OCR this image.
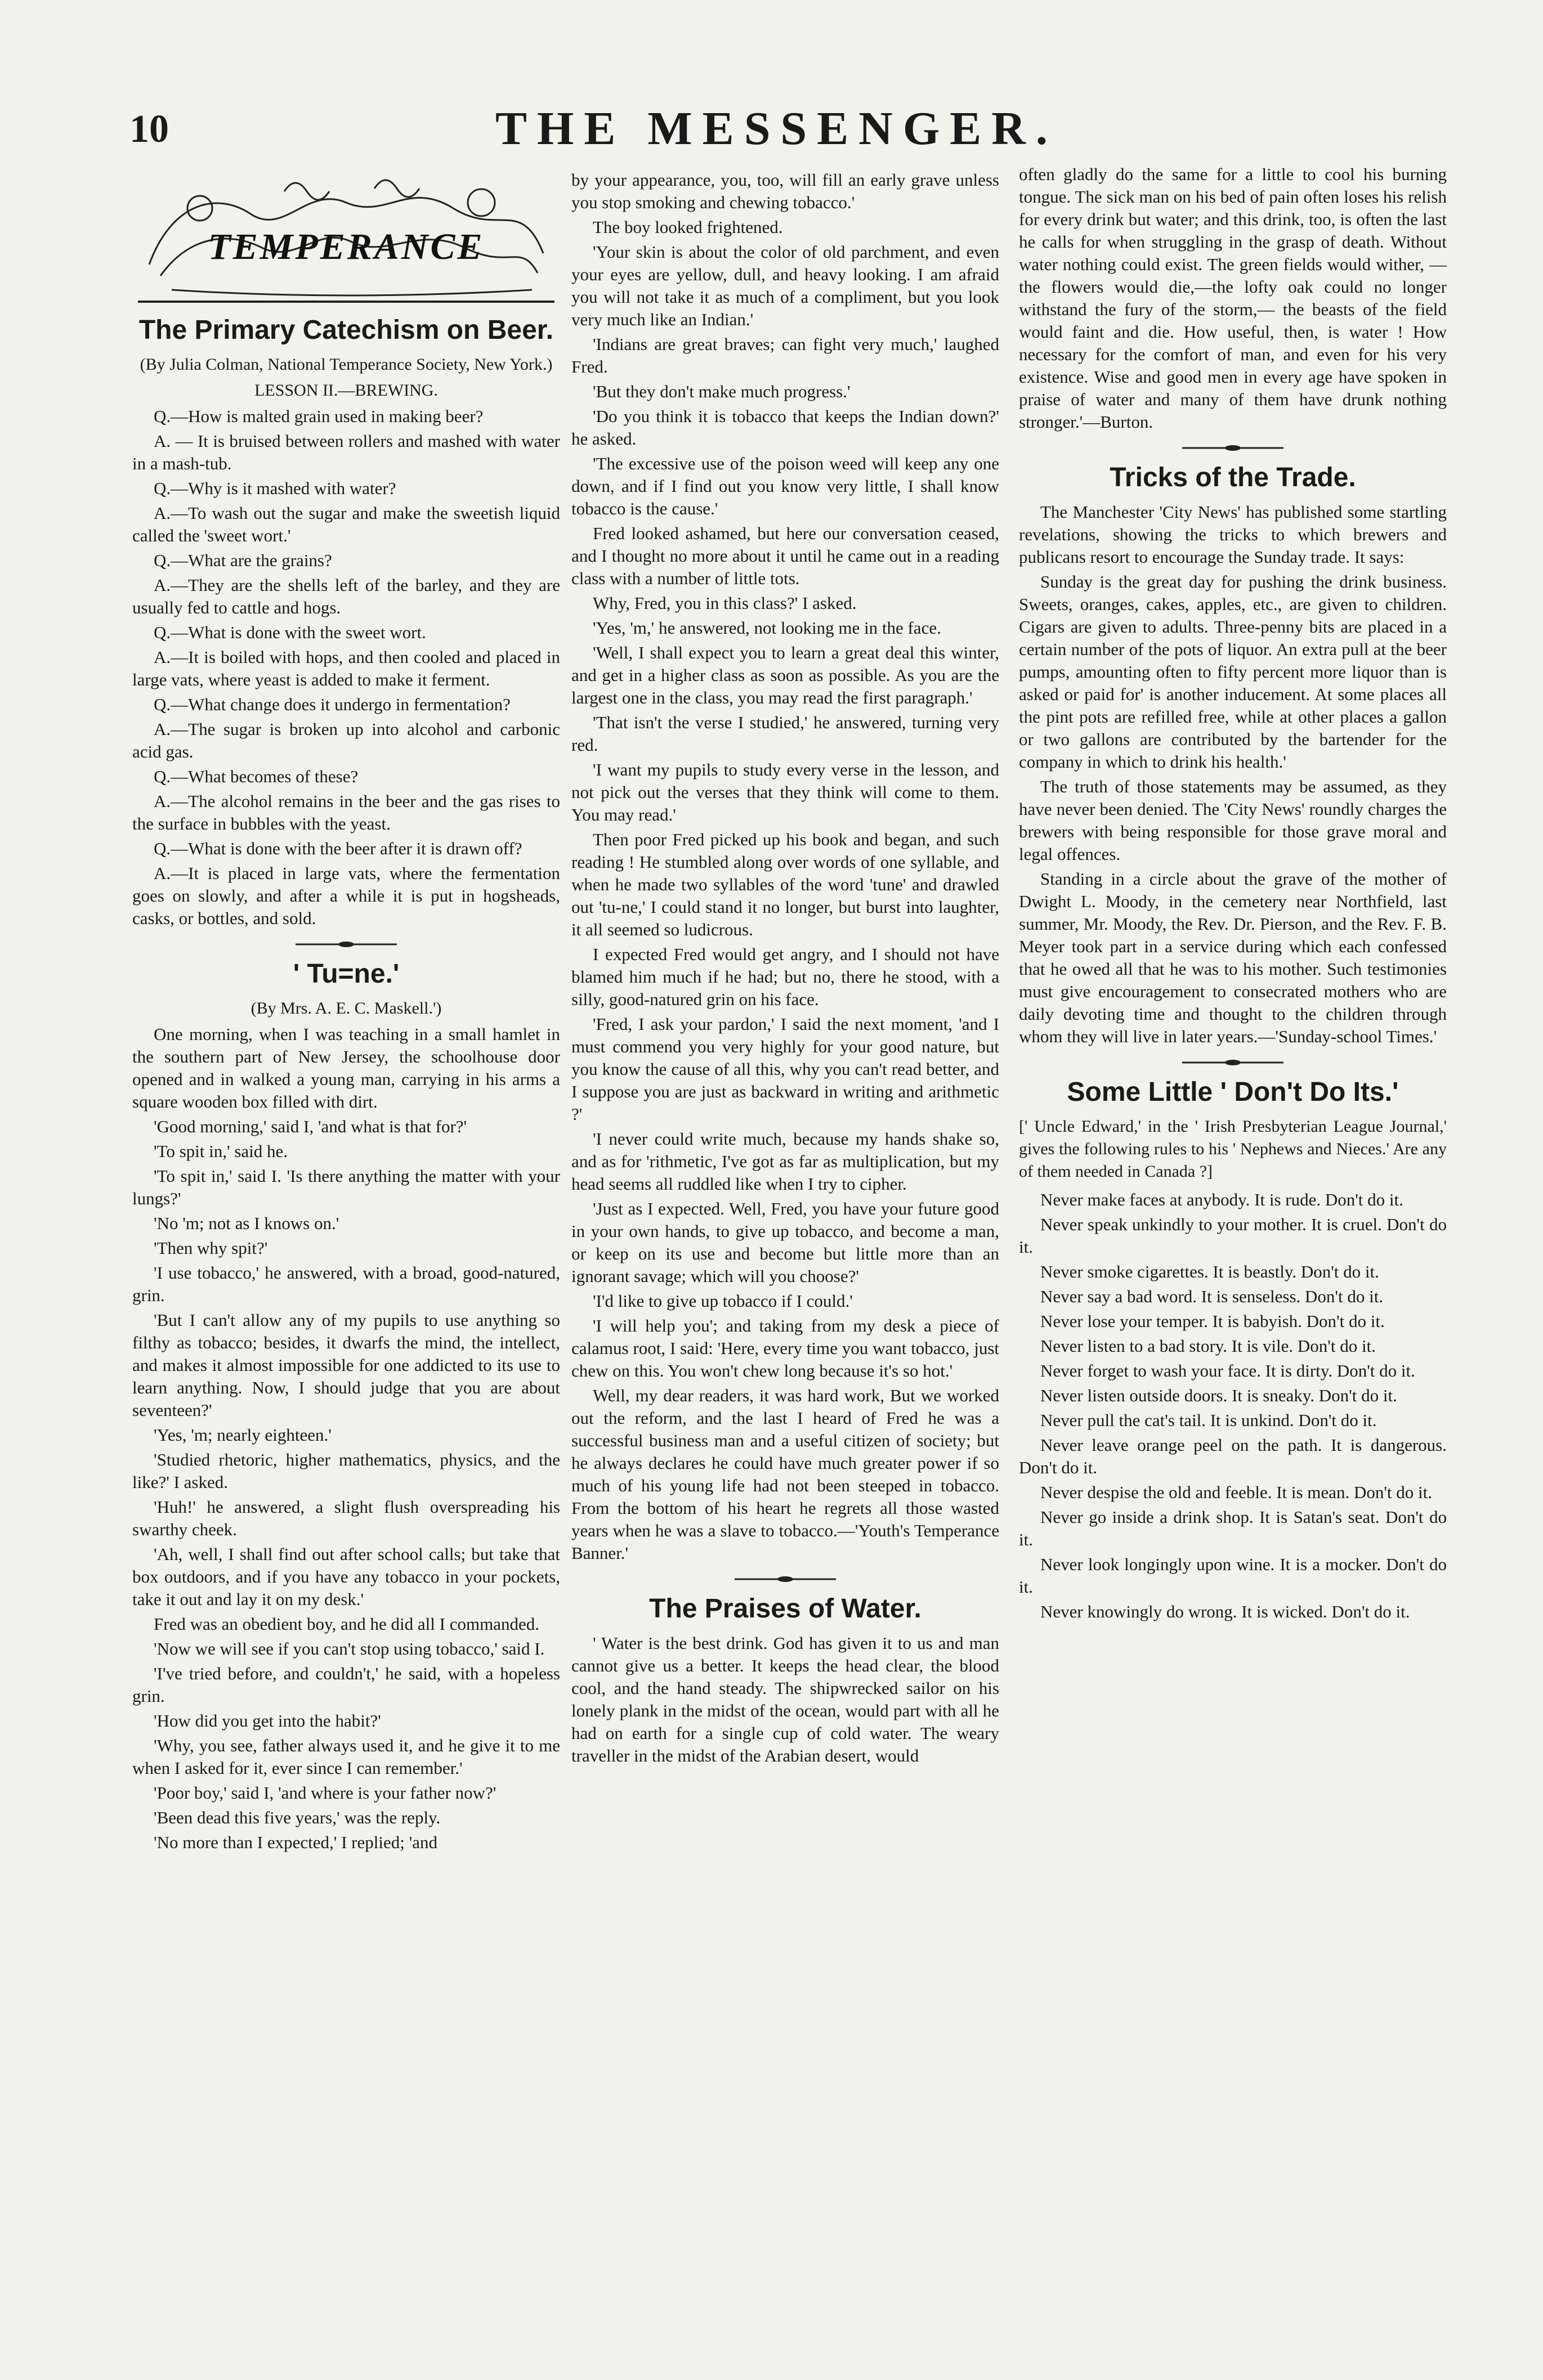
10	THE MESSENGER.
TEMPERANCE
The Primary Catechism on Beer.
(By Julia Colman, National Temperance Society, New York.)
LESSON II.—BREWING.

Q.—How is malted grain used in making beer?

A. — It is bruised between rollers and mashed with water in a mash-tub.

Q.—Why is it mashed with water?

A.—To wash out the sugar and make the sweetish liquid called the 'sweet wort.'

Q.—What are the grains?

A.—They are the shells left of the barley, and they are usually fed to cattle and hogs.

Q.—What is done with the sweet wort.

A.—It is boiled with hops, and then cooled and placed in large vats, where yeast is added to make it ferment.

Q.—What change does it undergo in fermentation?

A.—The sugar is broken up into alcohol and carbonic acid gas.

Q.—What becomes of these?

A.—The alcohol remains in the beer and the gas rises to the surface in bubbles with the yeast.

Q.—What is done with the beer after it is drawn off?

A.—It is placed in large vats, where the fermentation goes on slowly, and after a while it is put in hogsheads, casks, or bottles, and sold.

' Tu=ne.'
(By Mrs. A. E. C. Maskell.')

One morning, when I was teaching in a small hamlet in the southern part of New Jersey, the schoolhouse door opened and in walked a young man, carrying in his arms a square wooden box filled with dirt.

'Good morning,' said I, 'and what is that for?'

'To spit in,' said he.

'To spit in,' said I. 'Is there anything the matter with your lungs?'

'No 'm; not as I knows on.'

'Then why spit?'

'I use tobacco,' he answered, with a broad, good-natured, grin.

'But I can't allow any of my pupils to use anything so filthy as tobacco; besides, it dwarfs the mind, the intellect, and makes it almost impossible for one addicted to its use to learn anything. Now, I should judge that you are about seventeen?'

'Yes, 'm; nearly eighteen.'

'Studied rhetoric, higher mathematics, physics, and the like?' I asked.

'Huh!' he answered, a slight flush overspreading his swarthy cheek.

'Ah, well, I shall find out after school calls; but take that box outdoors, and if you have any tobacco in your pockets, take it out and lay it on my desk.'

Fred was an obedient boy, and he did all I commanded.

'Now we will see if you can't stop using tobacco,' said I.

'I've tried before, and couldn't,' he said, with a hopeless grin.

'How did you get into the habit?'

'Why, you see, father always used it, and he give it to me when I asked for it, ever since I can remember.'

'Poor boy,' said I, 'and where is your father now?'

'Been dead this five years,' was the reply.

'No more than I expected,' I replied; 'and

by your appearance, you, too, will fill an early grave unless you stop smoking and chewing tobacco.'

The boy looked frightened.

'Your skin is about the color of old parchment, and even your eyes are yellow, dull, and heavy looking. I am afraid you will not take it as much of a compliment, but you look very much like an Indian.'

'Indians are great braves; can fight very much,' laughed Fred.

'But they don't make much progress.'

'Do you think it is tobacco that keeps the Indian down?' he asked.

'The excessive use of the poison weed will keep any one down, and if I find out you know very little, I shall know tobacco is the cause.'

Fred looked ashamed, but here our conversation ceased, and I thought no more about it until he came out in a reading class with a number of little tots.

Why, Fred, you in this class?' I asked.

'Yes, 'm,' he answered, not looking me in the face.

'Well, I shall expect you to learn a great deal this winter, and get in a higher class as soon as possible. As you are the largest one in the class, you may read the first paragraph.'

'That isn't the verse I studied,' he answered, turning very red.

'I want my pupils to study every verse in the lesson, and not pick out the verses that they think will come to them. You may read.'

Then poor Fred picked up his book and began, and such reading ! He stumbled along over words of one syllable, and when he made two syllables of the word 'tune' and drawled out 'tu-ne,' I could stand it no longer, but burst into laughter, it all seemed so ludicrous.

I expected Fred would get angry, and I should not have blamed him much if he had; but no, there he stood, with a silly, good-natured grin on his face.

'Fred, I ask your pardon,' I said the next moment, 'and I must commend you very highly for your good nature, but you know the cause of all this, why you can't read better, and I suppose you are just as backward in writing and arithmetic ?'

'I never could write much, because my hands shake so, and as for 'rithmetic, I've got as far as multiplication, but my head seems all ruddled like when I try to cipher.

'Just as I expected. Well, Fred, you have your future good in your own hands, to give up tobacco, and become a man, or keep on its use and become but little more than an ignorant savage; which will you choose?'

'I'd like to give up tobacco if I could.'

'I will help you'; and taking from my desk a piece of calamus root, I said: 'Here, every time you want tobacco, just chew on this. You won't chew long because it's so hot.'

Well, my dear readers, it was hard work, But we worked out the reform, and the last I heard of Fred he was a successful business man and a useful citizen of society; but he always declares he could have much greater power if so much of his young life had not been steeped in tobacco. From the bottom of his heart he regrets all those wasted years when he was a slave to tobacco.—'Youth's Temperance Banner.'

The Praises of Water.

' Water is the best drink. God has given it to us and man cannot give us a better. It keeps the head clear, the blood cool, and the hand steady. The shipwrecked sailor on his lonely plank in the midst of the ocean, would part with all he had on earth for a single cup of cold water. The weary traveller in the midst of the Arabian desert, would

often gladly do the same for a little to cool his burning tongue. The sick man on his bed of pain often loses his relish for every drink but water; and this drink, too, is often the last he calls for when struggling in the grasp of death. Without water nothing could exist. The green fields would wither, —the flowers would die,—the lofty oak could no longer withstand the fury of the storm,— the beasts of the field would faint and die. How useful, then, is water ! How necessary for the comfort of man, and even for his very existence. Wise and good men in every age have spoken in praise of water and many of them have drunk nothing stronger.'—Burton.

Tricks of the Trade.

The Manchester 'City News' has published some startling revelations, showing the tricks to which brewers and publicans resort to encourage the Sunday trade. It says:

Sunday is the great day for pushing the drink business. Sweets, oranges, cakes, apples, etc., are given to children. Cigars are given to adults. Three-penny bits are placed in a certain number of the pots of liquor. An extra pull at the beer pumps, amounting often to fifty percent more liquor than is asked or paid for' is another inducement. At some places all the pint pots are refilled free, while at other places a gallon or two gallons are contributed by the bartender for the company in which to drink his health.'

The truth of those statements may be assumed, as they have never been denied. The 'City News' roundly charges the brewers with being responsible for those grave moral and legal offences.

Standing in a circle about the grave of the mother of Dwight L. Moody, in the cemetery near Northfield, last summer, Mr. Moody, the Rev. Dr. Pierson, and the Rev. F. B. Meyer took part in a service during which each confessed that he owed all that he was to his mother. Such testimonies must give encouragement to consecrated mothers who are daily devoting time and thought to the children through whom they will live in later years.—'Sunday-school Times.'

Some Little ' Don't Do Its.'

[' Uncle Edward,' in the ' Irish Presbyterian League Journal,' gives the following rules to his ' Nephews and Nieces.' Are any of them needed in Canada ?]

Never make faces at anybody. It is rude. Don't do it.

Never speak unkindly to your mother. It is cruel. Don't do it.

Never smoke cigarettes. It is beastly. Don't do it.

Never say a bad word. It is senseless. Don't do it.

Never lose your temper. It is babyish. Don't do it.

Never listen to a bad story. It is vile. Don't do it.

Never forget to wash your face. It is dirty. Don't do it.

Never listen outside doors. It is sneaky. Don't do it.

Never pull the cat's tail. It is unkind. Don't do it.

Never leave orange peel on the path. It is dangerous. Don't do it.

Never despise the old and feeble. It is mean. Don't do it.

Never go inside a drink shop. It is Satan's seat. Don't do it.

Never look longingly upon wine. It is a mocker. Don't do it.

Never knowingly do wrong. It is wicked. Don't do it.
